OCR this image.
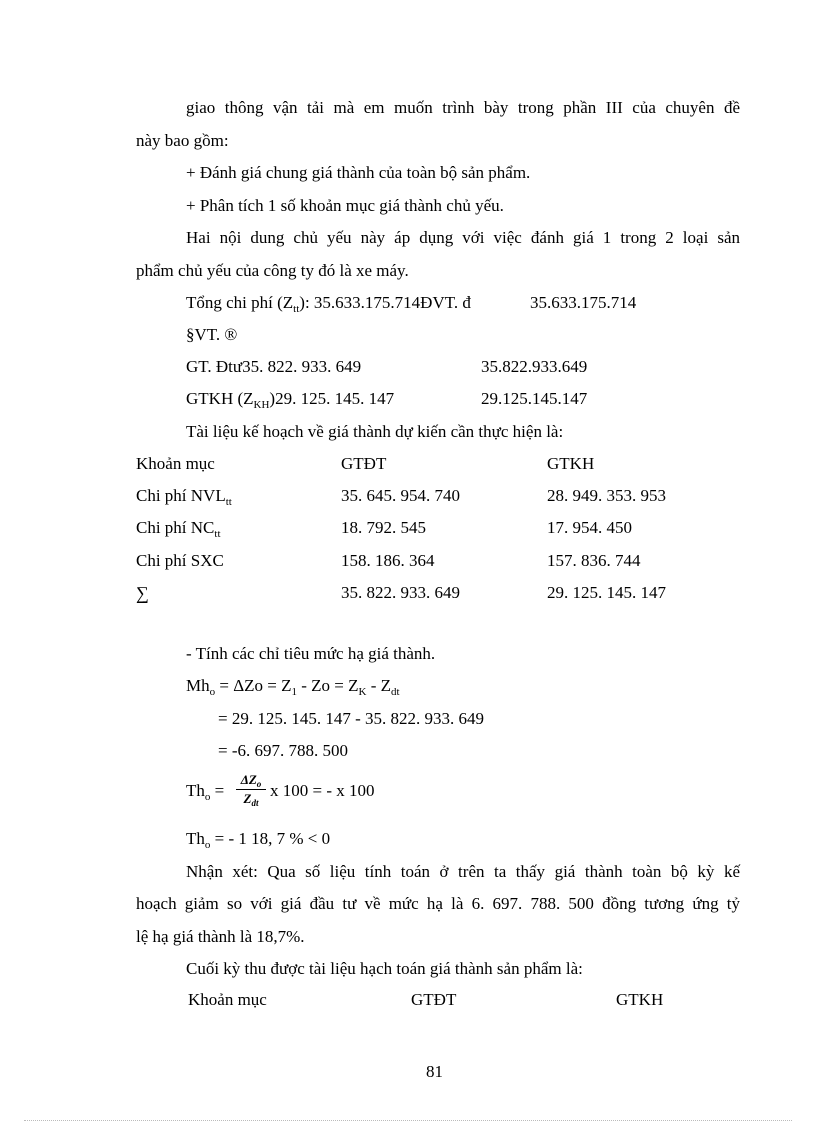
giao thông vận tải mà em muốn trình bày trong phần III của chuyên đề
này bao gồm:
+ Đánh giá chung giá thành của toàn bộ sản phẩm.
+ Phân tích 1 số khoản mục giá thành chủ yếu.
Hai nội dung chủ yếu này áp dụng với việc đánh giá 1 trong 2 loại sản
phẩm chủ yếu của công ty đó là xe máy.
Tổng chi phí $(Z_{tt})$: 35.633.175.714ĐVT. đ	35.633.175.714
§VT. ®
GT. Đtư35. 822. 933. 649	35.822.933.649
GTKH $(Z_{KH})29$. 125. 145. 147	29.125.145.147
Tài liệu kế hoạch về giá thành dự kiến cần thực hiện là:
Khoản mục	GTĐT	GTKH
Chi phí $NVL_{tt}$	35. 645. 954. 740	28. 949. 353. 953
Chi phí $NC_{tt}$	18. 792. 545	17. 954. 450
Chi phí SXC	158. 186. 364	157. 836. 744
∑	35. 822. 933. 649	29. 125. 145. 147
- Tính các chỉ tiêu mức hạ giá thành.
$Mh_o = \Delta Zo = Z_1 - Zo = Z_K - Z_{dt}$
= 29. 125. 145. 147 - 35. 822. 933. 649
= -6. 697. 788. 500
$Th_o$ =
$\Delta Z_o$
$Z_{dt}$
x 100 = - x 100
$Th_o$ = - 1 18, 7 % < 0
Nhận xét: Qua số liệu tính toán ở trên ta thấy giá thành toàn bộ kỳ kế
hoạch giảm so với giá đầu tư về mức hạ là 6. 697. 788. 500 đồng tương ứng tỷ
lệ hạ giá thành là 18,7%.
Cuối kỳ thu được tài liệu hạch toán giá thành sản phẩm là:
Khoản mục	GTĐT	GTKH
81
